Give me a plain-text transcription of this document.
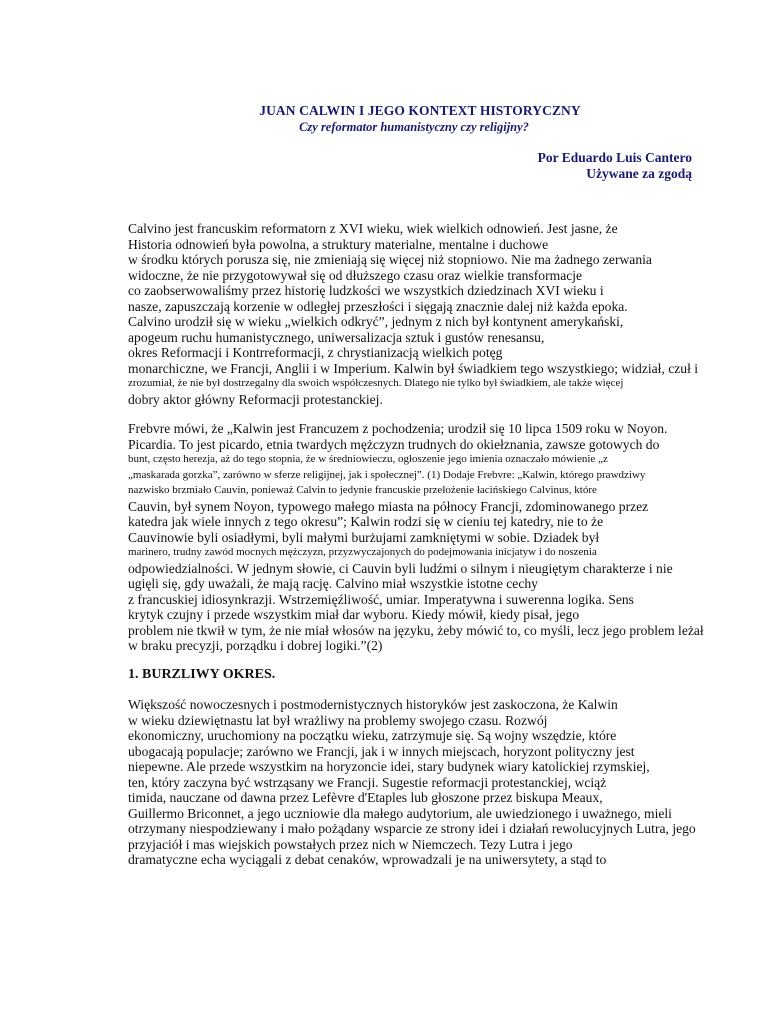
JUAN CALWIN I JEGO KONTEXT HISTORYCZNY
Czy reformator humanistyczny czy religijny?
Por Eduardo Luis Cantero
Używane za zgodą
Calvino jest francuskim reformatorn z XVI wieku, wiek wielkich odnowień. Jest jasne, że
Historia odnowień była powolna, a struktury materialne, mentalne i duchowe
w środku których porusza się, nie zmieniają się więcej niż stopniowo. Nie ma żadnego zerwania
widoczne, że nie przygotowywał się od dłuższego czasu oraz wielkie transformacje
co zaobserwowaliśmy przez historię ludzkości we wszystkich dziedzinach XVI wieku i
nasze, zapuszczają korzenie w odległej przeszłości i sięgają znacznie dalej niż każda epoka.
Calvino urodził się w wieku „wielkich odkryć”, jednym z nich był kontynent amerykański,
apogeum ruchu humanistycznego, uniwersalizacja sztuk i gustów renesansu,
okres Reformacji i Kontrreformacji, z chrystianizacją wielkich potęg
monarchiczne, we Francji, Anglii i w Imperium. Kalwin był świadkiem tego wszystkiego; widział, czuł i
zrozumiał, że nie był dostrzegalny dla swoich współczesnych. Dlatego nie tylko był świadkiem, ale także więcej
dobry aktor główny Reformacji protestanckiej.
Frebvre mówi, że „Kalwin jest Francuzem z pochodzenia; urodził się 10 lipca 1509 roku w Noyon.
Picardia. To jest picardo, etnia twardych mężczyzn trudnych do okiełznania, zawsze gotowych do
bunt, często herezja, aż do tego stopnia, że w średniowieczu, ogłoszenie jego imienia oznaczało mówienie „z
„maskarada gorzka”, zarówno w sferze religijnej, jak i społecznej”. (1) Dodaje Frebvre: „Kalwin, którego prawdziwy
nazwisko brzmiało Cauvin, ponieważ Calvin to jedynie francuskie przełożenie łacińskiego Calvinus, które
Cauvin, był synem Noyon, typowego małego miasta na północy Francji, zdominowanego przez
katedra jak wiele innych z tego okresu”; Kalwin rodzi się w cieniu tej katedry, nie to że
Cauvinowie byli osiadłymi, byli małymi burżujami zamkniętymi w sobie. Dziadek był
marinero, trudny zawód mocnych mężczyzn, przyzwyczajonych do podejmowania inicjatyw i do noszenia
odpowiedzialności. W jednym słowie, ci Cauvin byli ludźmi o silnym i nieugiętym charakterze i nie
ugięli się, gdy uważali, że mają rację. Calvino miał wszystkie istotne cechy
z francuskiej idiosynkrazji. Wstrzemięźliwość, umiar. Imperatywna i suwerenna logika. Sens
krytyk czujny i przede wszystkim miał dar wyboru. Kiedy mówił, kiedy pisał, jego
problem nie tkwił w tym, że nie miał włosów na języku, żeby mówić to, co myśli, lecz jego problem leżał
w braku precyzji, porządku i dobrej logiki.”(2)
1. BURZLIWY OKRES.
Większość nowoczesnych i postmodernistycznych historyków jest zaskoczona, że Kalwin
w wieku dziewiętnastu lat był wrażliwy na problemy swojego czasu. Rozwój
ekonomiczny, uruchomiony na początku wieku, zatrzymuje się. Są wojny wszędzie, które
ubogacają populacje; zarówno we Francji, jak i w innych miejscach, horyzont polityczny jest
niepewne. Ale przede wszystkim na horyzoncie idei, stary budynek wiary katolickiej rzymskiej,
ten, który zaczyna być wstrząsany we Francji. Sugestie reformacji protestanckiej, wciąż
timida, nauczane od dawna przez Lefèvre d'Etaples lub głoszone przez biskupa Meaux,
Guillermo Briconnet, a jego uczniowie dla małego audytorium, ale uwiedzionego i uważnego, mieli
otrzymany niespodziewany i mało pożądany wsparcie ze strony idei i działań rewolucyjnych Lutra, jego
przyjaciół i mas wiejskich powstałych przez nich w Niemczech. Tezy Lutra i jego
dramatyczne echa wyciągali z debat cenaków, wprowadzali je na uniwersytety, a stąd to
